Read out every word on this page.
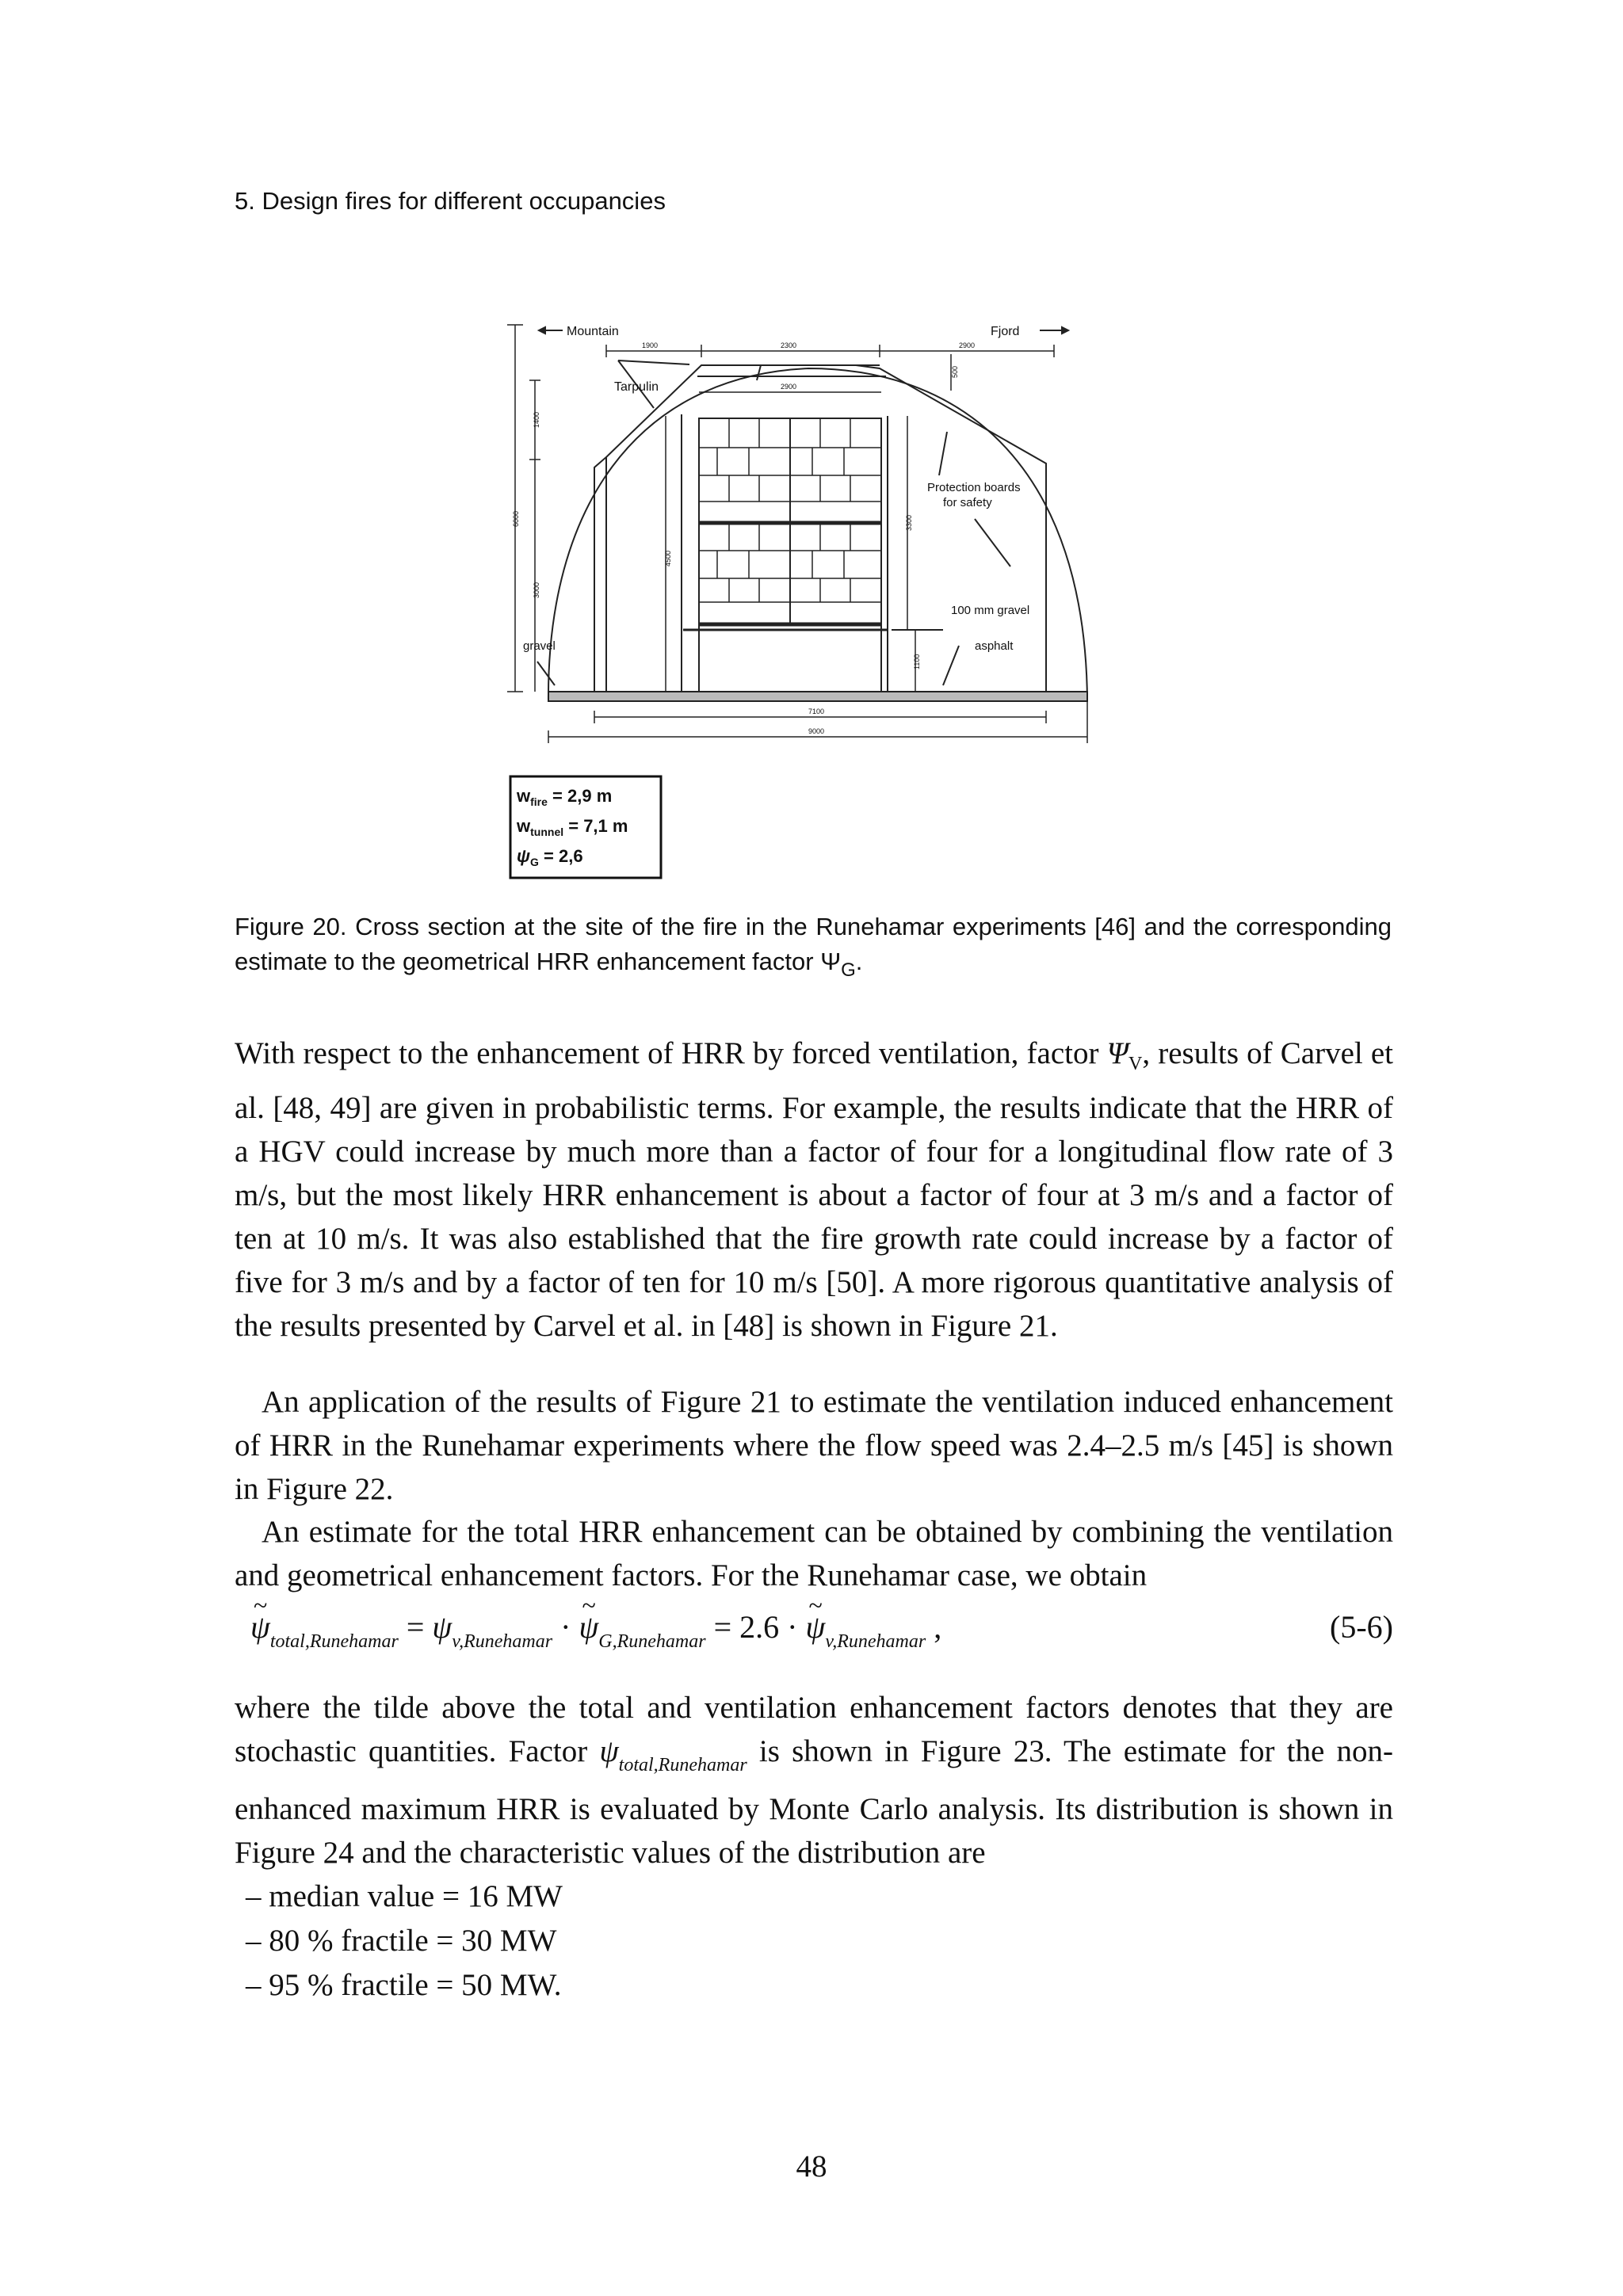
5. Design fires for different occupancies
Mountain	Fjord
Tarpulin
Protection boards
for safety
100 mm gravel
asphalt
gravel
1900	2300	2900
2900
500
1400
6000
3000
4500
3300
1100
7100
9000
$w_{fire} = 2,9$ m
$w_{tunnel} = 7,1$ m
$\psi_G = 2,6$
Figure 20. Cross section at the site of the fire in the Runehamar experiments [46] and the corresponding estimate to the geometrical HRR enhancement factor $\Psi_G$.
With respect to the enhancement of HRR by forced ventilation, factor $\Psi_V$, results of Carvel et al. [48, 49] are given in probabilistic terms. For example, the results indicate that the HRR of a HGV could increase by much more than a factor of four for a longitudinal flow rate of 3 m/s, but the most likely HRR enhancement is about a factor of four at 3 m/s and a factor of ten at 10 m/s. It was also established that the fire growth rate could increase by a factor of five for 3 m/s and by a factor of ten for 10 m/s [50]. A more rigorous quantitative analysis of the results presented by Carvel et al. in [48] is shown in Figure 21.
An application of the results of Figure 21 to estimate the ventilation induced enhancement of HRR in the Runehamar experiments where the flow speed was 2.4–2.5 m/s [45] is shown in Figure 22.
An estimate for the total HRR enhancement can be obtained by combining the ventilation and geometrical enhancement factors. For the Runehamar case, we obtain
~ $\psi_{total,Runehamar} = \psi_{v,Runehamar}$ · ~ $\psi_{G,Runehamar} = 2.6$ · ~ $\psi_{v,Runehamar}$ ,	(5-6)
where the tilde above the total and ventilation enhancement factors denotes that they are stochastic quantities. Factor $\psi_{total,Runehamar}$ is shown in Figure 23. The estimate for the non-enhanced maximum HRR is evaluated by Monte Carlo analysis. Its distribution is shown in Figure 24 and the characteristic values of the distribution are
– median value = 16 MW
– 80 % fractile = 30 MW
– 95 % fractile = 50 MW.
48
